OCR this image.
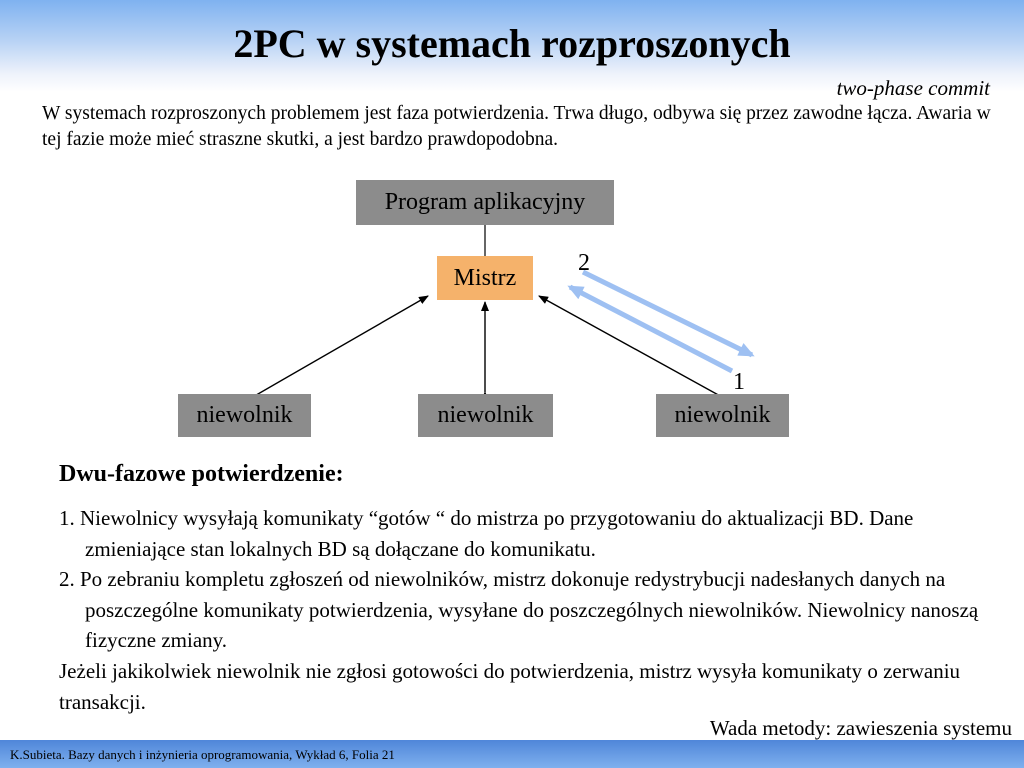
2PC w systemach rozproszonych
two-phase commit

W systemach rozproszonych problemem jest faza potwierdzenia. Trwa długo, odbywa się przez zawodne łącza. Awaria w tej fazie może mieć straszne skutki, a jest bardzo prawdopodobna.

Program aplikacyjny
Mistrz
niewolnik	niewolnik	niewolnik
2
1
Dwu-fazowe potwierdzenie:
1. Niewolnicy wysyłają komunikaty “gotów “ do mistrza po przygotowaniu do aktualizacji BD. Dane zmieniające stan lokalnych BD są dołączane do komunikatu.
2. Po zebraniu kompletu zgłoszeń od niewolników, mistrz dokonuje redystrybucji nadesłanych danych na poszczególne komunikaty potwierdzenia, wysyłane do poszczególnych niewolników. Niewolnicy nanoszą fizyczne zmiany.

Jeżeli jakikolwiek niewolnik nie zgłosi gotowości do potwierdzenia, mistrz wysyła komunikaty o zerwaniu transakcji.

Wada metody: zawieszenia systemu
K.Subieta. Bazy danych i inżynieria oprogramowania, Wykład 6, Folia 21
